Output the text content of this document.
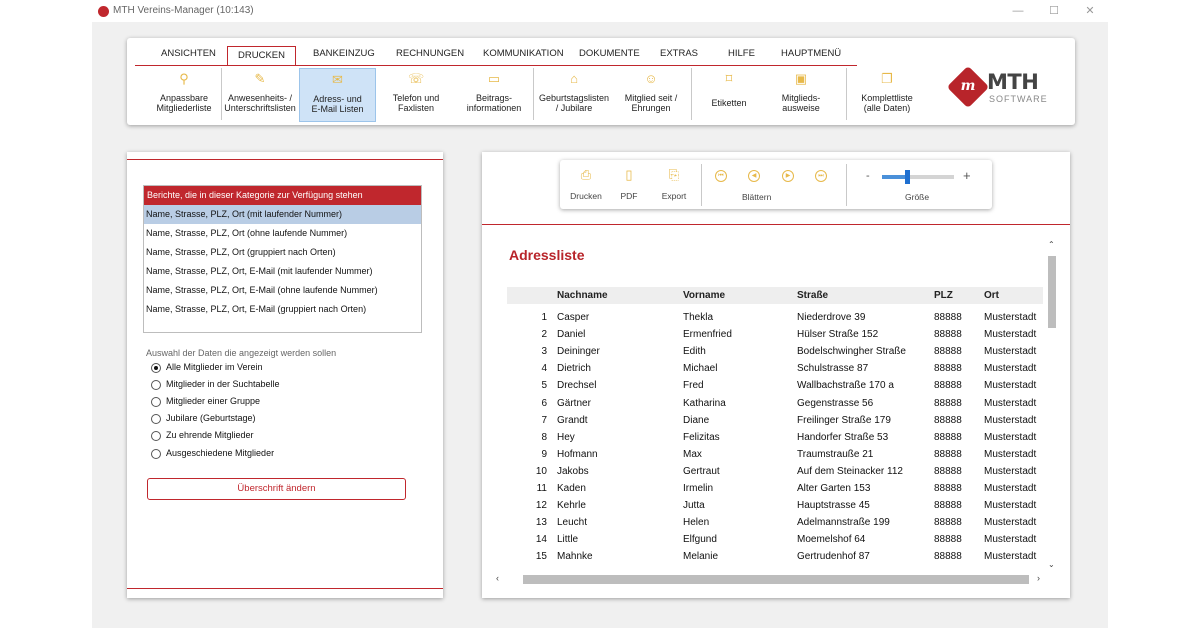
MTH Vereins-Manager (10:143)	—	☐	✕
ANSICHTEN	DRUCKEN	BANKEINZUG RECHNUNGEN KOMMUNIKATION DOKUMENTE EXTRAS	HILFE	HAUPTMENÜ
⚲
Anpassbare
Mitgliederliste
✎
Anwesenheits- /
Unterschriftslisten
✉
Adress- und
E-Mail Listen
☏
Telefon und
Faxlisten
▭
Beitrags-
informationen
⌂
Geburtstagslisten
/ Jubilare
☺
Mitglied seit /
Ehrungen
⌑
Etiketten
▣
Mitglieds-
ausweise
❐
Komplettliste
(alle Daten)
m MTH
SOFTWARE
Berichte, die in dieser Kategorie zur Verfügung stehen
Name, Strasse, PLZ, Ort (mit laufender Nummer)
Name, Strasse, PLZ, Ort (ohne laufende Nummer)
Name, Strasse, PLZ, Ort (gruppiert nach Orten)
Name, Strasse, PLZ, Ort, E-Mail (mit laufender Nummer)
Name, Strasse, PLZ, Ort, E-Mail (ohne laufende Nummer)
Name, Strasse, PLZ, Ort, E-Mail (gruppiert nach Orten)
Auswahl der Daten die angezeigt werden sollen
Alle Mitglieder im Verein
Mitglieder in der Suchtabelle
Mitglieder einer Gruppe
Jubilare (Geburtstage)
Zu ehrende Mitglieder
Ausgeschiedene Mitglieder
Überschrift ändern
⎙
Drucken
▯
PDF
⎘
Export
⏮	◀	▶	⏭
Blättern
-	+
Größe
Adressliste
Nachname	Vorname	Straße	PLZ	Ort
1 Casper	Thekla	Niederdrove 39	88888 Musterstadt
2 Daniel	Ermenfried	Hülser Straße 152	88888 Musterstadt
3 Deininger	Edith	Bodelschwingher Straße	88888 Musterstadt
4 Dietrich	Michael	Schulstrasse 87	88888 Musterstadt
5 Drechsel	Fred	Wallbachstraße 170 a	88888 Musterstadt
6 Gärtner	Katharina	Gegenstrasse 56	88888 Musterstadt
7 Grandt	Diane	Freilinger Straße 179	88888 Musterstadt
8 Hey	Felizitas	Handorfer Straße 53	88888 Musterstadt
9 Hofmann	Max	Traumstrauße 21	88888 Musterstadt
10 Jakobs	Gertraut	Auf dem Steinacker 112	88888 Musterstadt
11 Kaden	Irmelin	Alter Garten 153	88888 Musterstadt
12 Kehrle	Jutta	Hauptstrasse 45	88888 Musterstadt
13 Leucht	Helen	Adelmannstraße 199	88888 Musterstadt
14 Little	Elfgund	Moemelshof 64	88888 Musterstadt
15 Mahnke	Melanie	Gertrudenhof 87	88888 Musterstadt
⌃
⌄
‹	›
